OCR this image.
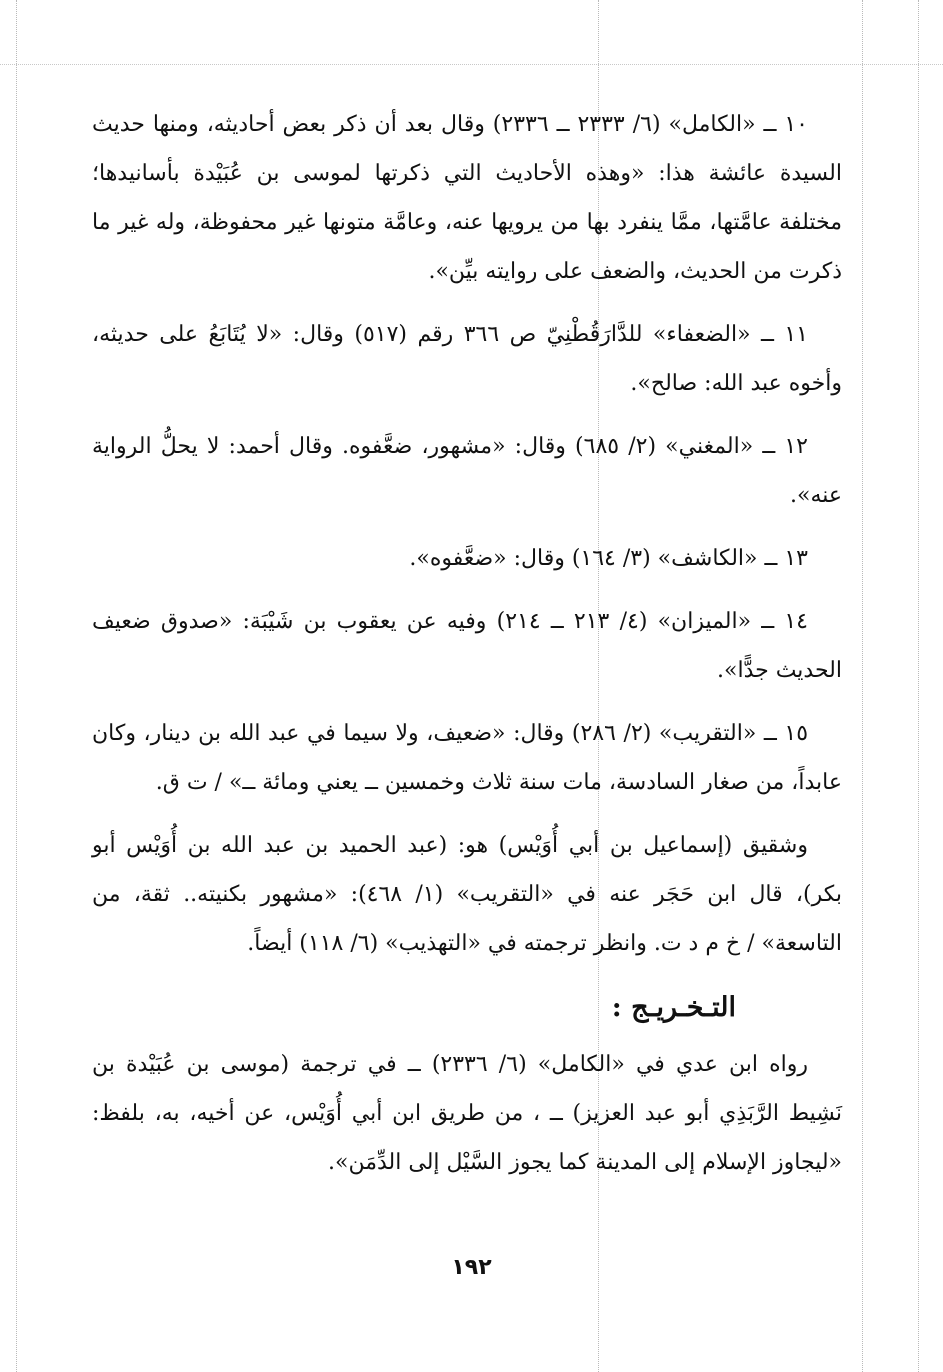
١٠ ــ «الكامل» (٦/ ٢٣٣٣ ــ ٢٣٣٦) وقال بعد أن ذكر بعض أحاديثه، ومنها حديث السيدة عائشة هذا: «وهذه الأحاديث التي ذكرتها لموسى بن عُبَيْدة بأسانيدها؛ مختلفة عامَّتها، ممَّا ينفرد بها من يرويها عنه، وعامَّة متونها غير محفوظة، وله غير ما ذكرت من الحديث، والضعف على روايته بيِّن».

١١ ــ «الضعفاء» للدَّارَقُطْنِيّ ص ٣٦٦ رقم (٥١٧) وقال: «لا يُتَابَعُ على حديثه، وأخوه عبد الله: صالح».

١٢ ــ «المغني» (٢/ ٦٨٥) وقال: «مشهور، ضعَّفوه. وقال أحمد: لا يحلُّ الرواية عنه».

١٣ ــ «الكاشف» (٣/ ١٦٤) وقال: «ضعَّفوه».

١٤ ــ «الميزان» (٤/ ٢١٣ ــ ٢١٤) وفيه عن يعقوب بن شَيْبَة: «صدوق ضعيف الحديث جدًّا».

١٥ ــ «التقريب» (٢/ ٢٨٦) وقال: «ضعيف، ولا سيما في عبد الله بن دينار، وكان عابداً، من صغار السادسة، مات سنة ثلاث وخمسين ــ يعني ومائة ــ» / ت ق.

وشقيق (إسماعيل بن أبي أُوَيْس) هو: (عبد الحميد بن عبد الله بن أُوَيْس أبو بكر)، قال ابن حَجَر عنه في «التقريب» (١/ ٤٦٨): «مشهور بكنيته.. ثقة، من التاسعة» / خ م د ت. وانظر ترجمته في «التهذيب» (٦/ ١١٨) أيضاً.

التـخـريـج :

رواه ابن عدي في «الكامل» (٦/ ٢٣٣٦) ــ في ترجمة (موسى بن عُبَيْدة بن نَشِيط الرَّبَذِي أبو عبد العزيز) ــ ، من طريق ابن أبي أُوَيْس، عن أخيه، به، بلفظ: «ليجاوز الإسلام إلى المدينة كما يجوز السَّيْل إلى الدِّمَن».

١٩٢
